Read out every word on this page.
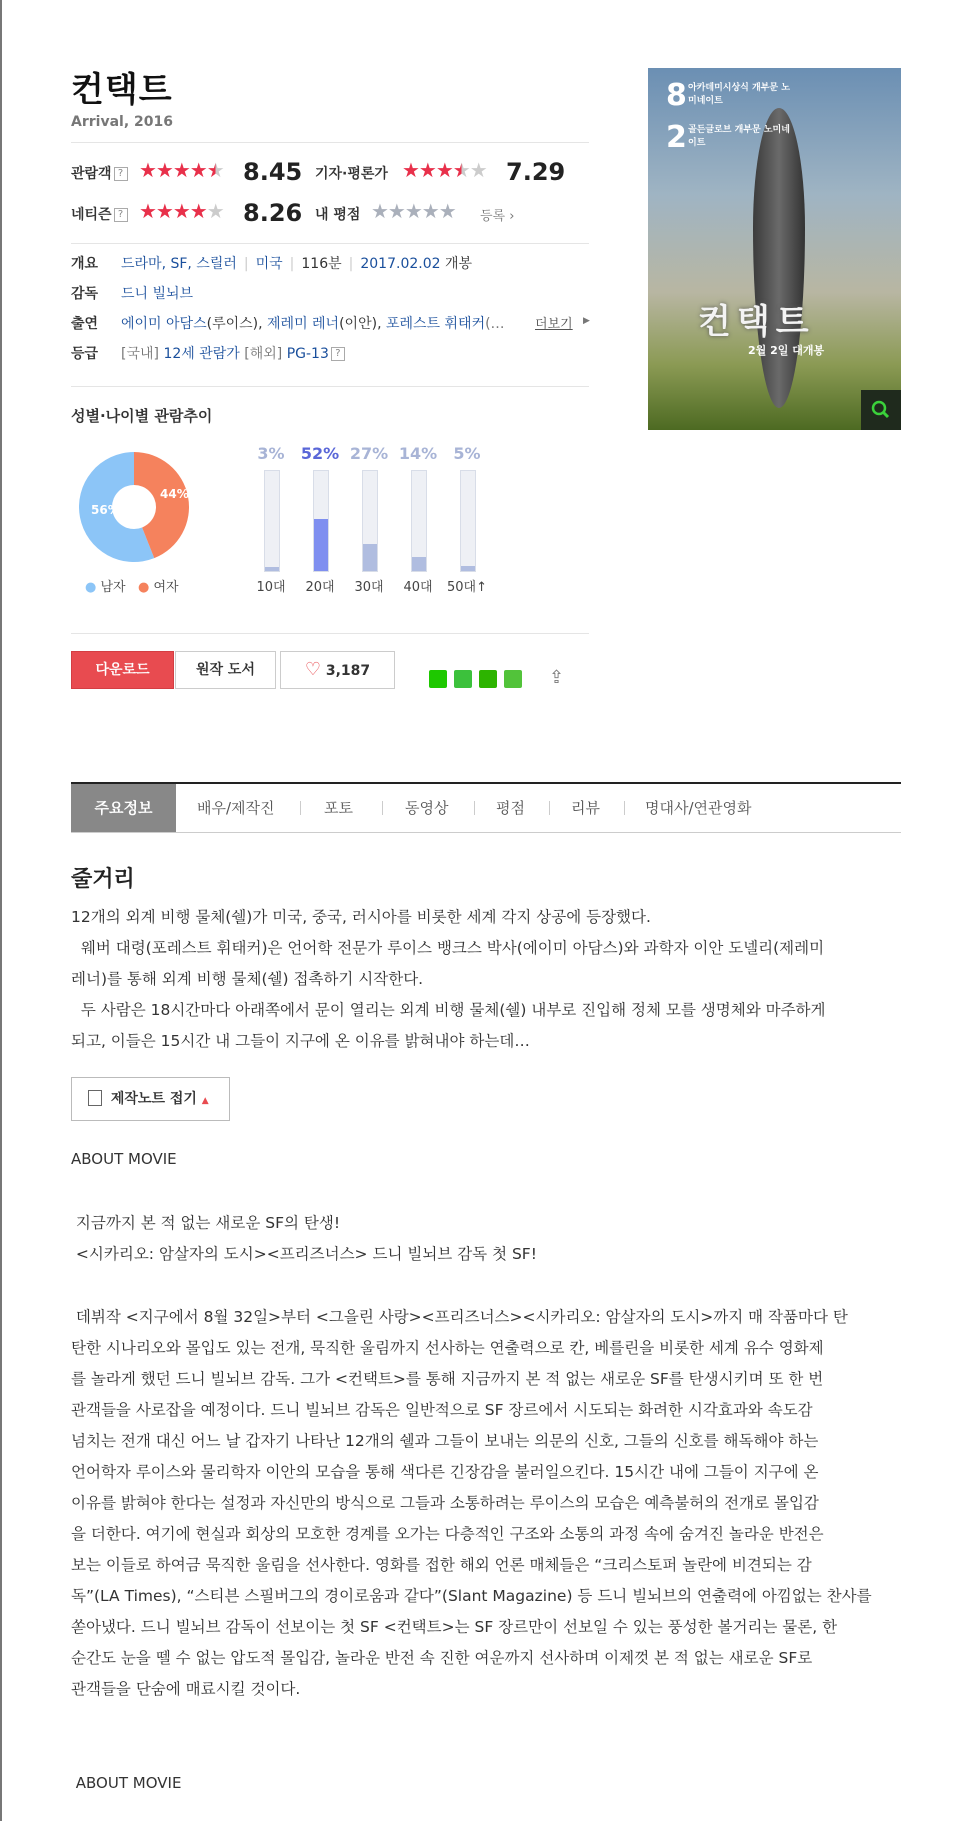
컨택트
Arrival, 2016
관람객 ? ★★★★★ 8.45 기자·평론가 ★★★★★ 7.29
네티즌 ? ★★★★★ 8.26 내 평점 ★★★★★ 등록 ›
개요 드라마, SF, 스릴러 | 미국 | 116분 | 2017.02.02 개봉
감독 드니 빌뇌브
출연 에이미 아담스(루이스), 제레미 레너(이안), 포레스트 휘태커(… 더보기 ▶
등급 [국내] 12세 관람가 [해외] PG-13 ?
성별·나이별 관람추이
56%
44%
● 남자 ● 여자
3%
10대
52%
20대
27%
30대
14%
40대
5%
50대↑
다운로드	원작 도서	♡ 3,187	⇪
8 아카데미시상식 개부문 노미네이트
2 골든글로브 개부문 노미네이트
컨택트
2월 2일 대개봉
주요정보	배우/제작진	포토	동영상	평점	리뷰	명대사/연관영화
줄거리
12개의 외계 비행 물체(쉘)가 미국, 중국, 러시아를 비롯한 세계 각지 상공에 등장했다.
웨버 대령(포레스트 휘태커)은 언어학 전문가 루이스 뱅크스 박사(에이미 아담스)와 과학자 이안 도넬리(제레미
레너)를 통해 외계 비행 물체(쉘) 접촉하기 시작한다.
두 사람은 18시간마다 아래쪽에서 문이 열리는 외계 비행 물체(쉘) 내부로 진입해 정체 모를 생명체와 마주하게
되고, 이들은 15시간 내 그들이 지구에 온 이유를 밝혀내야 하는데…
제작노트 접기 ▲
ABOUT MOVIE
지금까지 본 적 없는 새로운 SF의 탄생!
<시카리오: 암살자의 도시><프리즈너스> 드니 빌뇌브 감독 첫 SF!
데뷔작 <지구에서 8월 32일>부터 <그을린 사랑><프리즈너스><시카리오: 암살자의 도시>까지 매 작품마다 탄
탄한 시나리오와 몰입도 있는 전개, 묵직한 울림까지 선사하는 연출력으로 칸, 베를린을 비롯한 세계 유수 영화제
를 놀라게 했던 드니 빌뇌브 감독. 그가 <컨택트>를 통해 지금까지 본 적 없는 새로운 SF를 탄생시키며 또 한 번
관객들을 사로잡을 예정이다. 드니 빌뇌브 감독은 일반적으로 SF 장르에서 시도되는 화려한 시각효과와 속도감
넘치는 전개 대신 어느 날 갑자기 나타난 12개의 쉘과 그들이 보내는 의문의 신호, 그들의 신호를 해독해야 하는
언어학자 루이스와 물리학자 이안의 모습을 통해 색다른 긴장감을 불러일으킨다. 15시간 내에 그들이 지구에 온
이유를 밝혀야 한다는 설정과 자신만의 방식으로 그들과 소통하려는 루이스의 모습은 예측불허의 전개로 몰입감
을 더한다. 여기에 현실과 회상의 모호한 경계를 오가는 다층적인 구조와 소통의 과정 속에 숨겨진 놀라운 반전은
보는 이들로 하여금 묵직한 울림을 선사한다. 영화를 접한 해외 언론 매체들은 “크리스토퍼 놀란에 비견되는 감
독”(LA Times), “스티븐 스필버그의 경이로움과 같다”(Slant Magazine) 등 드니 빌뇌브의 연출력에 아낌없는 찬사를
쏟아냈다. 드니 빌뇌브 감독이 선보이는 첫 SF <컨택트>는 SF 장르만이 선보일 수 있는 풍성한 볼거리는 물론, 한
순간도 눈을 뗄 수 없는 압도적 몰입감, 놀라운 반전 속 진한 여운까지 선사하며 이제껏 본 적 없는 새로운 SF로
관객들을 단숨에 매료시킬 것이다.
ABOUT MOVIE
